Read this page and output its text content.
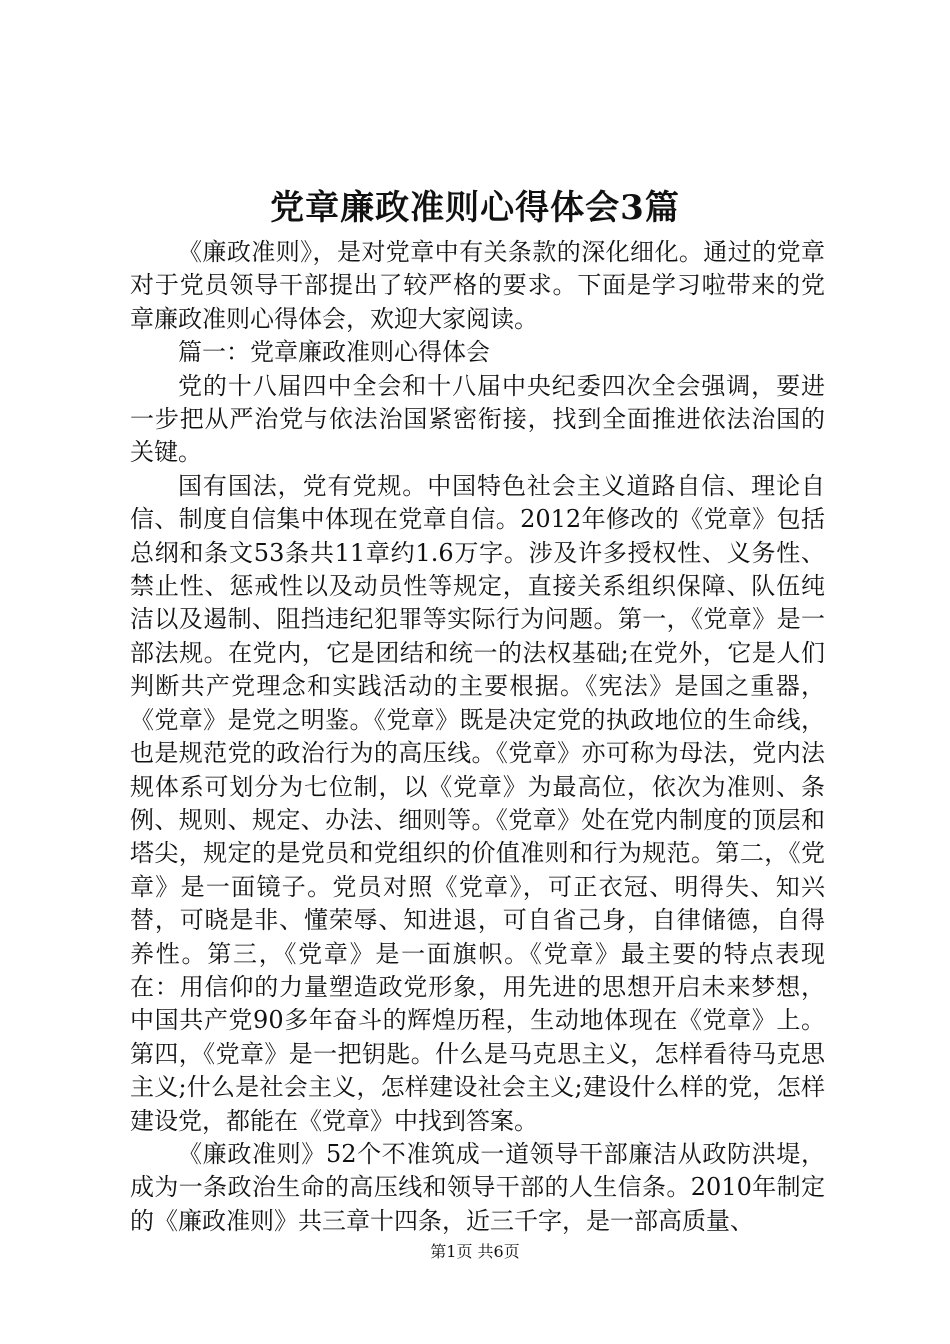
党章廉政准则心得体会3篇

《廉政准则》，是对党章中有关条款的深化细化。通过的党章对于党员领导干部提出了较严格的要求。下面是学习啦带来的党章廉政准则心得体会，欢迎大家阅读。

篇一：党章廉政准则心得体会

党的十八届四中全会和十八届中央纪委四次全会强调，要进一步把从严治党与依法治国紧密衔接，找到全面推进依法治国的关键。

国有国法，党有党规。中国特色社会主义道路自信、理论自信、制度自信集中体现在党章自信。2012年修改的《党章》包括总纲和条文53条共11章约1.6万字。涉及许多授权性、义务性、禁止性、惩戒性以及动员性等规定，直接关系组织保障、队伍纯洁以及遏制、阻挡违纪犯罪等实际行为问题。第一，《党章》是一部法规。在党内，它是团结和统一的法权基础;在党外，它是人们判断共产党理念和实践活动的主要根据。《宪法》是国之重器，《党章》是党之明鉴。《党章》既是决定党的执政地位的生命线，也是规范党的政治行为的高压线。《党章》亦可称为母法，党内法规体系可划分为七位制，以《党章》为最高位，依次为准则、条例、规则、规定、办法、细则等。《党章》处在党内制度的顶层和塔尖，规定的是党员和党组织的价值准则和行为规范。第二，《党章》是一面镜子。党员对照《党章》，可正衣冠、明得失、知兴替，可晓是非、懂荣辱、知进退，可自省己身，自律储德，自得养性。第三，《党章》是一面旗帜。《党章》最主要的特点表现在：用信仰的力量塑造政党形象，用先进的思想开启未来梦想，中国共产党90多年奋斗的辉煌历程，生动地体现在《党章》上。第四，《党章》是一把钥匙。什么是马克思主义，怎样看待马克思主义;什么是社会主义，怎样建设社会主义;建设什么样的党，怎样建设党，都能在《党章》中找到答案。

《廉政准则》52个不准筑成一道领导干部廉洁从政防洪堤，成为一条政治生命的高压线和领导干部的人生信条。2010年制定的《廉政准则》共三章十四条，近三千字，是一部高质量、

第1页 共6页
